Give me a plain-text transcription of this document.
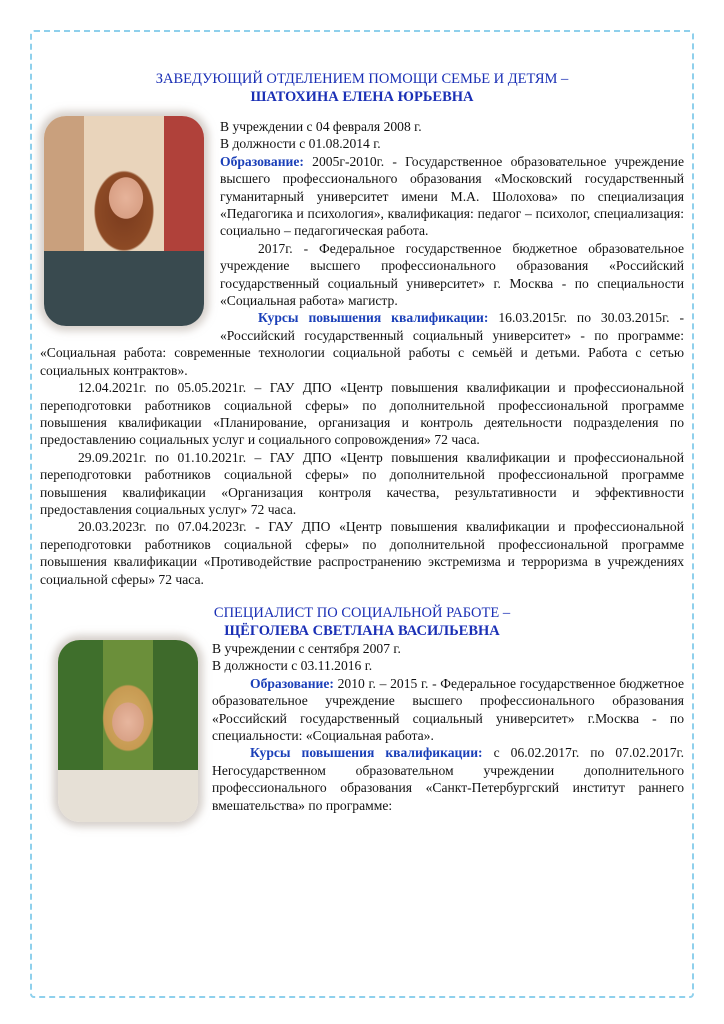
ЗАВЕДУЮЩИЙ ОТДЕЛЕНИЕМ ПОМОЩИ СЕМЬЕ И ДЕТЯМ –
ШАТОХИНА ЕЛЕНА ЮРЬЕВНА

В учреждении с 04 февраля 2008 г.

В должности с 01.08.2014 г.

Образование: 2005г-2010г. - Государственное образовательное учреждение высшего профессионального образования «Московский государственный гуманитарный университет имени М.А. Шолохова» по специализация «Педагогика и психология», квалификация: педагог – психолог, специализация: социально – педагогическая работа.

2017г. - Федеральное государственное бюджетное образовательное учреждение высшего профессионального образования «Российский государственный социальный университет» г. Москва - по специальности «Социальная работа» магистр.

Курсы повышения квалификации: 16.03.2015г. по 30.03.2015г. - «Российский государственный социальный университет» - по программе: «Социальная работа: современные технологии социальной работы с семьёй и детьми. Работа с сетью социальных контрактов».

12.04.2021г. по 05.05.2021г. – ГАУ ДПО «Центр повышения квалификации и профессиональной переподготовки работников социальной сферы» по дополнительной профессиональной программе повышения квалификации «Планирование, организация и контроль деятельности подразделения по предоставлению социальных услуг и социального сопровождения» 72 часа.

29.09.2021г. по 01.10.2021г. – ГАУ ДПО «Центр повышения квалификации и профессиональной переподготовки работников социальной сферы» по дополнительной профессиональной программе повышения квалификации «Организация контроля качества, результативности и эффективности предоставления социальных услуг» 72 часа.

20.03.2023г. по 07.04.2023г. - ГАУ ДПО «Центр повышения квалификации и профессиональной переподготовки работников социальной сферы» по дополнительной профессиональной программе повышения квалификации «Противодействие распространению экстремизма и терроризма в учреждениях социальной сферы» 72 часа.

СПЕЦИАЛИСТ ПО СОЦИАЛЬНОЙ РАБОТЕ –
ЩЁГОЛЕВА СВЕТЛАНА ВАСИЛЬЕВНА

В учреждении с сентября 2007 г.

В должности с 03.11.2016 г.

Образование: 2010 г. – 2015 г. - Федеральное государственное бюджетное образовательное учреждение высшего профессионального образования «Российский государственный социальный университет» г.Москва - по специальности: «Социальная работа».

Курсы повышения квалификации: с 06.02.2017г. по 07.02.2017г. Негосударственном образовательном учреждении дополнительного профессионального образования «Санкт-Петербургский институт раннего вмешательства» по программе:
